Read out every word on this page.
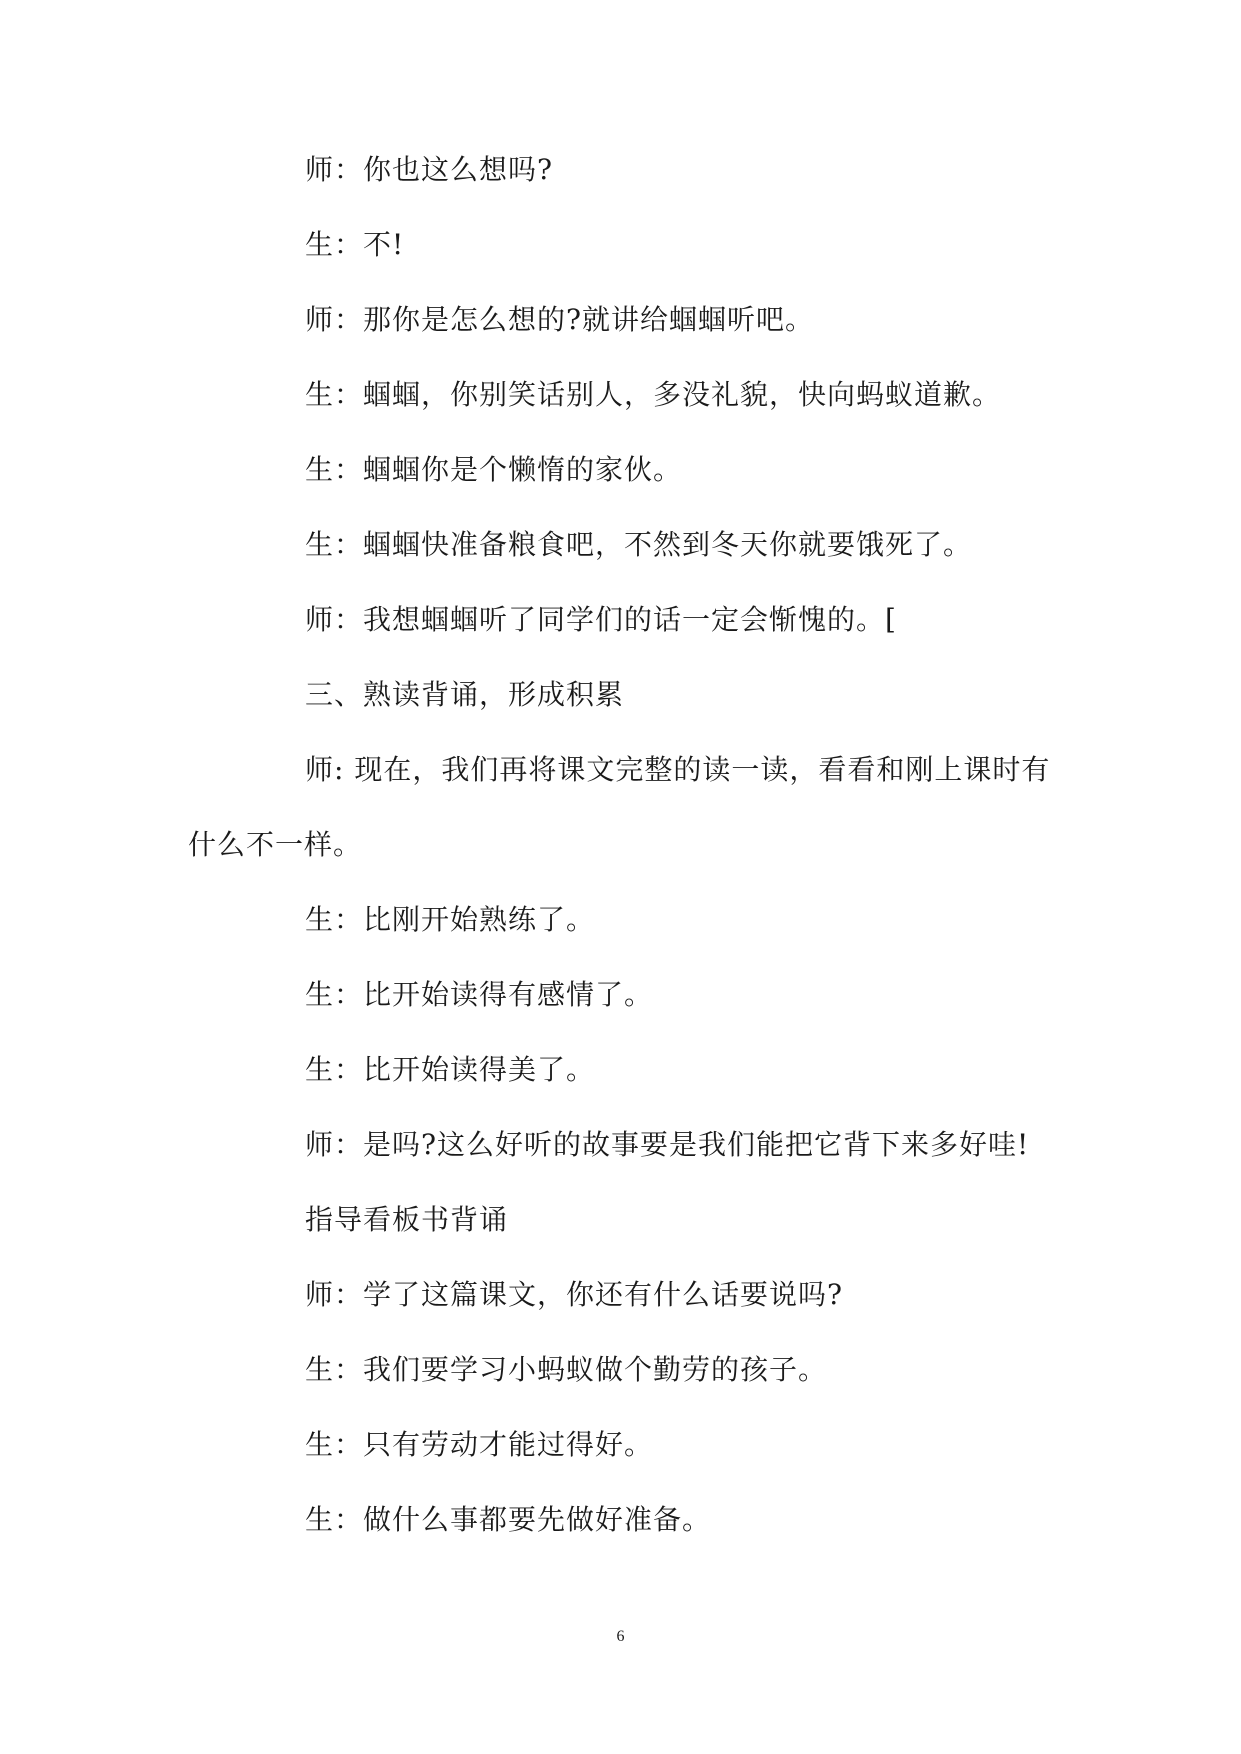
师：你也这么想吗?
生：不!
师：那你是怎么想的?就讲给蝈蝈听吧。
生：蝈蝈，你别笑话别人，多没礼貌，快向蚂蚁道歉。
生：蝈蝈你是个懒惰的家伙。
生：蝈蝈快准备粮食吧，不然到冬天你就要饿死了。
师：我想蝈蝈听了同学们的话一定会惭愧的。[
三、熟读背诵，形成积累
师: 现在，我们再将课文完整的读一读，看看和刚上课时有
什么不一样。
生：比刚开始熟练了。
生：比开始读得有感情了。
生：比开始读得美了。
师：是吗?这么好听的故事要是我们能把它背下来多好哇!
指导看板书背诵
师：学了这篇课文，你还有什么话要说吗?
生：我们要学习小蚂蚁做个勤劳的孩子。
生：只有劳动才能过得好。
生：做什么事都要先做好准备。
6
